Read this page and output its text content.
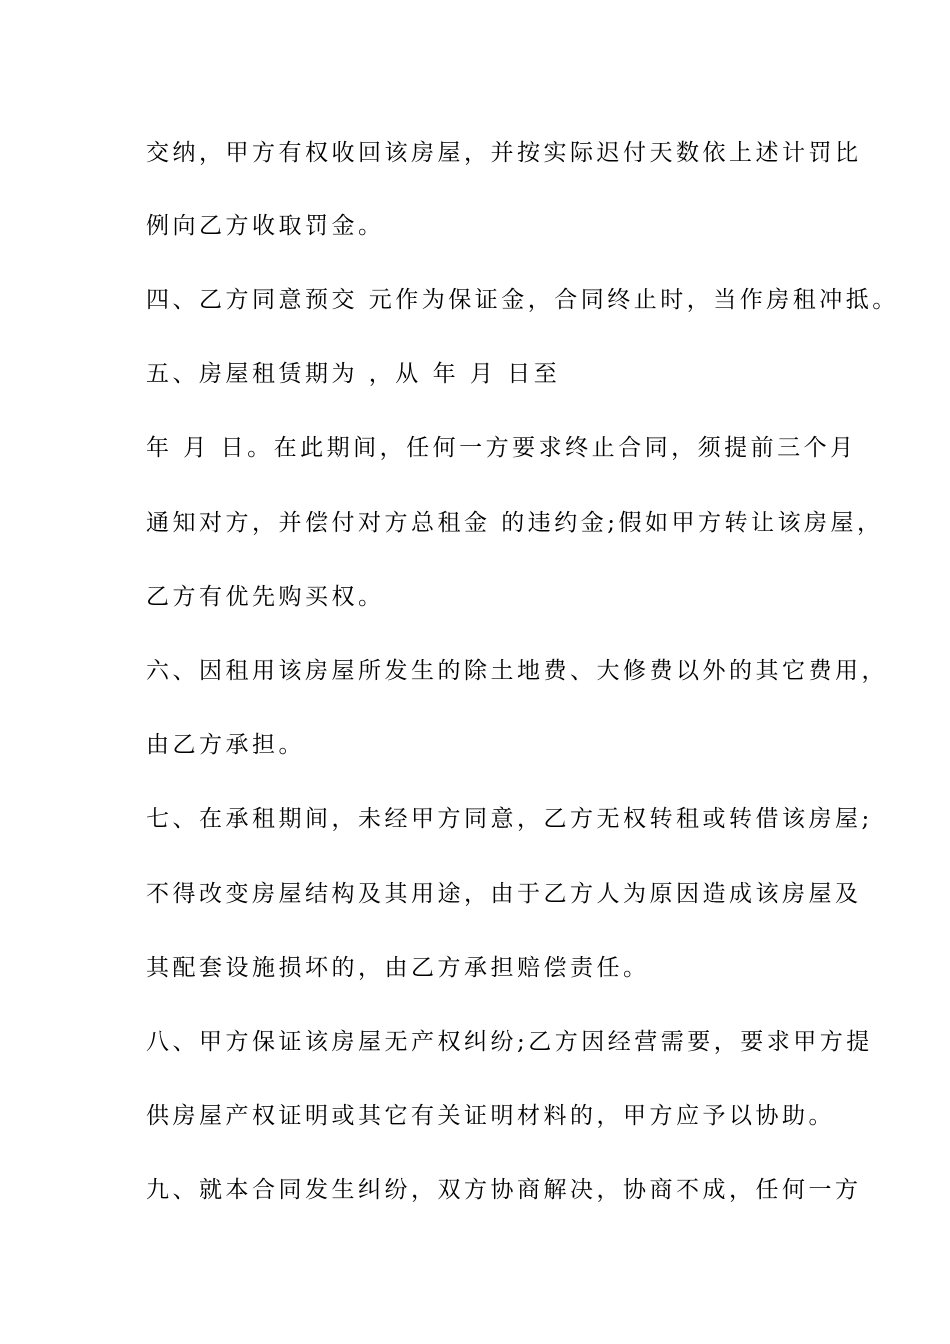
交纳，甲方有权收回该房屋，并按实际迟付天数依上述计罚比
例向乙方收取罚金。
四、乙方同意预交 元作为保证金，合同终止时，当作房租冲抵。
五、房屋租赁期为 ，从 年 月 日至
年 月 日。在此期间，任何一方要求终止合同，须提前三个月
通知对方，并偿付对方总租金 的违约金;假如甲方转让该房屋，
乙方有优先购买权。
六、因租用该房屋所发生的除土地费、大修费以外的其它费用，
由乙方承担。
七、在承租期间，未经甲方同意，乙方无权转租或转借该房屋;
不得改变房屋结构及其用途，由于乙方人为原因造成该房屋及
其配套设施损坏的，由乙方承担赔偿责任。
八、甲方保证该房屋无产权纠纷;乙方因经营需要，要求甲方提
供房屋产权证明或其它有关证明材料的，甲方应予以协助。
九、就本合同发生纠纷，双方协商解决，协商不成，任何一方
